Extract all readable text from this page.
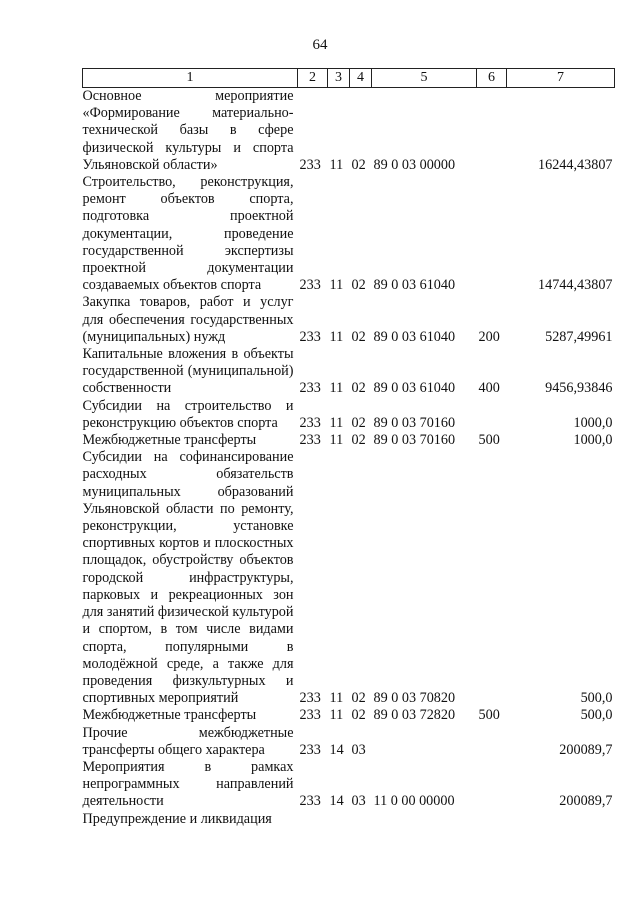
64
1	2	3	4	5	6	7
Основное мероприятие «Формирование материально-технической базы в сфере физической культуры и спорта Ульяновской области»	233	11	02	89 0 03 00000		16244,43807
Строительство, реконструкция, ремонт объектов спорта, подготовка проектной документации, проведение государственной экспертизы проектной документации создаваемых объектов спорта	233	11	02	89 0 03 61040		14744,43807
Закупка товаров, работ и услуг для обеспечения государственных (муниципальных) нужд	233	11	02	89 0 03 61040	200	5287,49961
Капитальные вложения в объекты государственной (муниципальной) собственности	233	11	02	89 0 03 61040	400	9456,93846
Субсидии на строительство и реконструкцию объектов спорта	233	11	02	89 0 03 70160		1000,0
Межбюджетные трансферты	233	11	02	89 0 03 70160	500	1000,0
Субсидии на софинансирование расходных обязательств муниципальных образований Ульяновской области по ремонту, реконструкции, установке спортивных кортов и плоскостных площадок, обустройству объектов городской инфраструктуры, парковых и рекреационных зон для занятий физической культурой и спортом, в том числе видами спорта, популярными в молодёжной среде, а также для проведения физкультурных и спортивных мероприятий	233	11	02	89 0 03 70820		500,0
Межбюджетные трансферты	233	11	02	89 0 03 72820	500	500,0
Прочие межбюджетные трансферты общего характера	233	14	03			200089,7
Мероприятия в рамках непрограммных направлений деятельности	233	14	03	11 0 00 00000		200089,7
Предупреждение и ликвидация						
